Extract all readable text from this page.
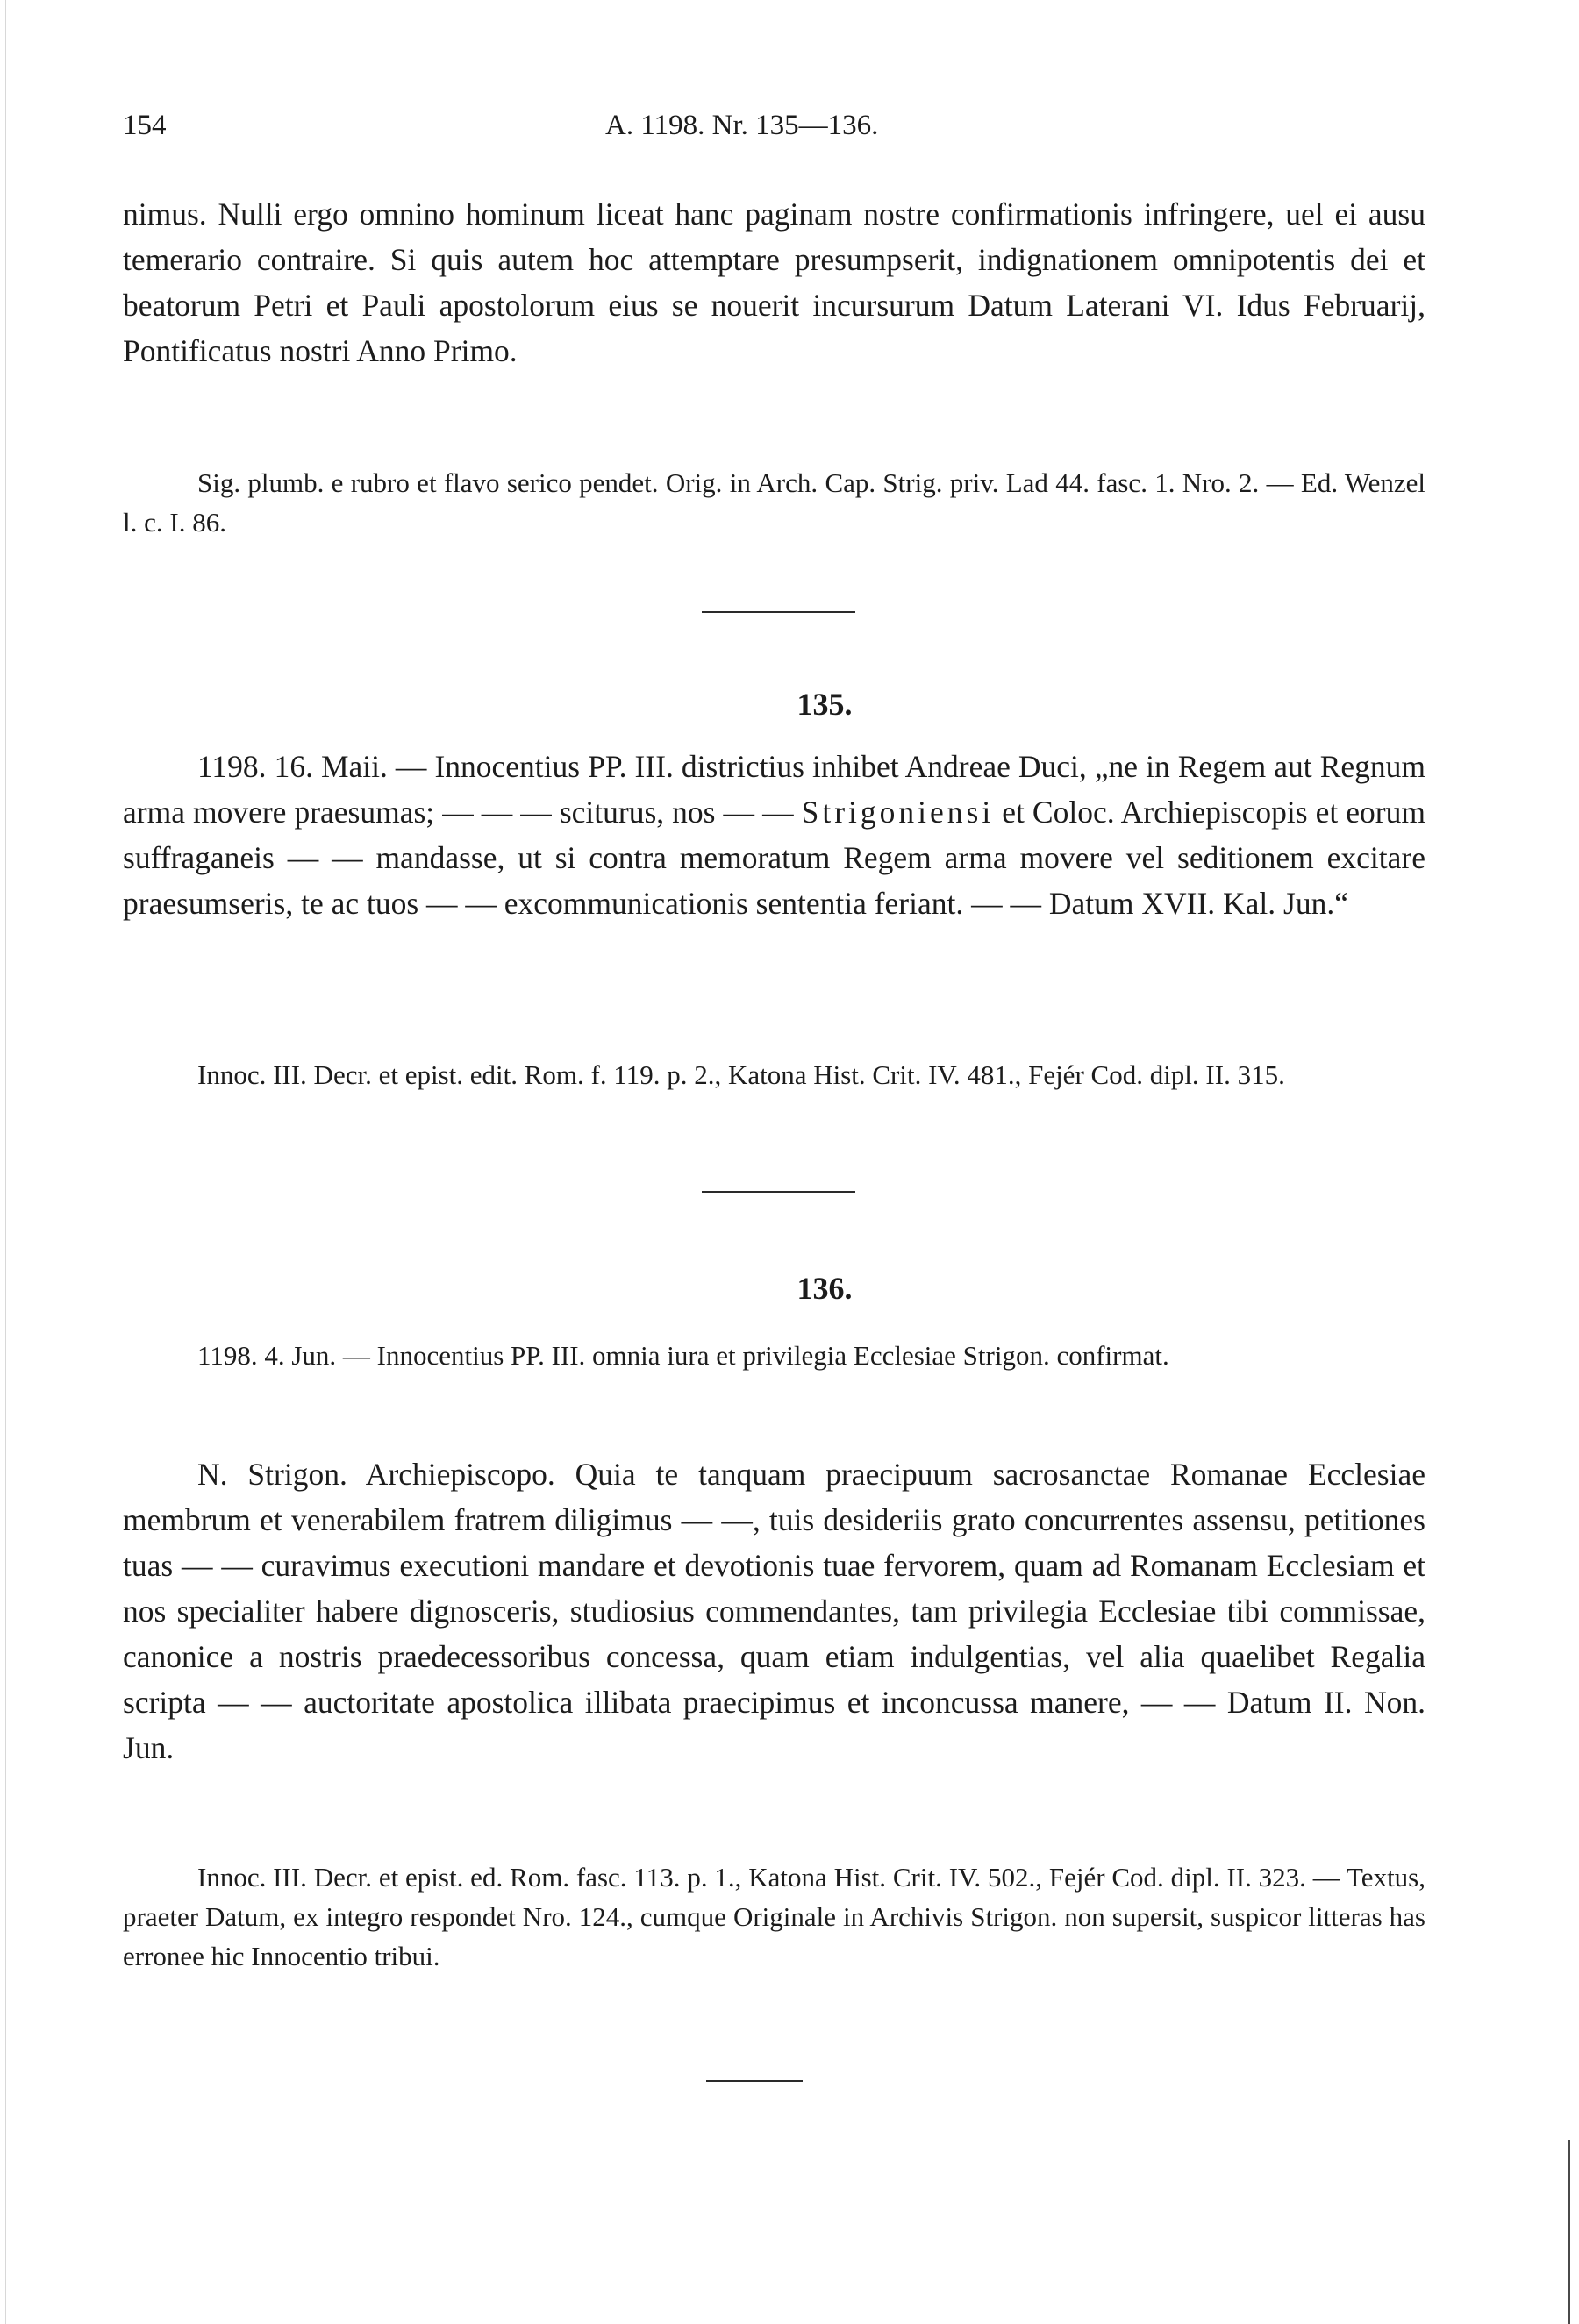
154	A. 1198. Nr. 135—136.

nimus. Nulli ergo omnino hominum liceat hanc paginam nostre confirmationis infringere, uel ei ausu temerario contraire. Si quis autem hoc attemptare presumpserit, indignationem omnipotentis dei et beatorum Petri et Pauli apostolorum eius se nouerit incursurum Datum Laterani VI. Idus Februarij, Pontificatus nostri Anno Primo.

Sig. plumb. e rubro et flavo serico pendet. Orig. in Arch. Cap. Strig. priv. Lad 44. fasc. 1. Nro. 2. — Ed. Wenzel l. c. I. 86.

135.

1198. 16. Maii. — Innocentius PP. III. districtius inhibet Andreae Duci, „ne in Regem aut Regnum arma movere praesumas; — — — sciturus, nos — — Strigoniensi et Coloc. Archiepiscopis et eorum suffraganeis — — mandasse, ut si contra memoratum Regem arma movere vel seditionem excitare praesumseris, te ac tuos — — excommunicationis sententia feriant. — — Datum XVII. Kal. Jun.“

Innoc. III. Decr. et epist. edit. Rom. f. 119. p. 2., Katona Hist. Crit. IV. 481., Fejér Cod. dipl. II. 315.

136.

1198. 4. Jun. — Innocentius PP. III. omnia iura et privilegia Ecclesiae Strigon. confirmat.

N. Strigon. Archiepiscopo. Quia te tanquam praecipuum sacrosanctae Romanae Ecclesiae membrum et venerabilem fratrem diligimus — —, tuis desideriis grato concurrentes assensu, petitiones tuas — — curavimus executioni mandare et devotionis tuae fervorem, quam ad Romanam Ecclesiam et nos specialiter habere dignosceris, studiosius commendantes, tam privilegia Ecclesiae tibi commissae, canonice a nostris praedecessoribus concessa, quam etiam indulgentias, vel alia quaelibet Regalia scripta — — auctoritate apostolica illibata praecipimus et inconcussa manere, — — Datum II. Non. Jun.

Innoc. III. Decr. et epist. ed. Rom. fasc. 113. p. 1., Katona Hist. Crit. IV. 502., Fejér Cod. dipl. II. 323. — Textus, praeter Datum, ex integro respondet Nro. 124., cumque Originale in Archivis Strigon. non supersit, suspicor litteras has erronee hic Innocentio tribui.
